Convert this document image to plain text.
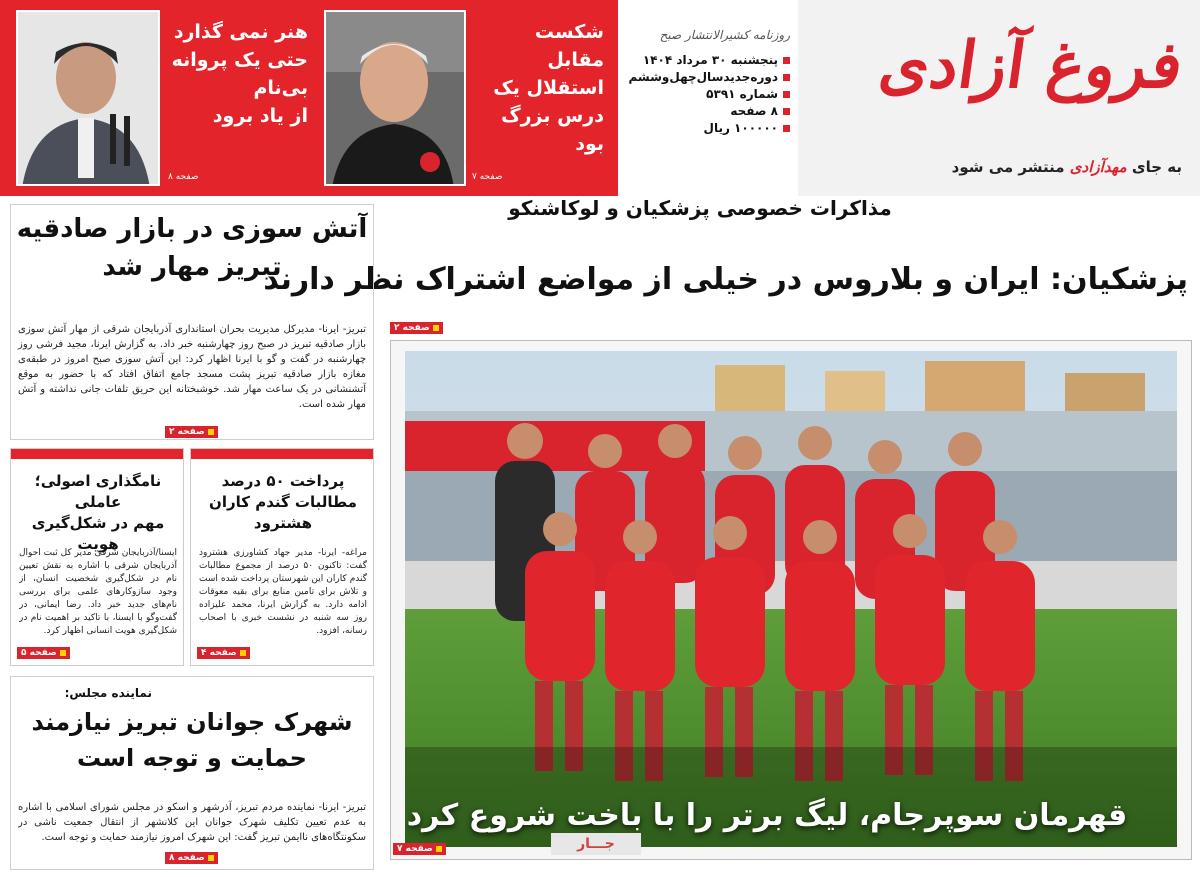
فروغ آزادی
به جای مهدآزادی منتشر می شود
روزنامه کشیرالانتشار صبح
پنجشنبه ۳۰ مرداد ۱۴۰۴
دوره‌جدیدسال‌چهل‌وششم
شماره ۵۳۹۱
۸ صفحه
۱۰۰۰۰۰ ریال
شکست مقابل
استقلال یک
درس بزرگ
بود
صفحه ۷
هنر نمی گذارد
حتی یک پروانه
بی‌نام
از یاد برود
صفحه ۸
مذاکرات خصوصی پزشکیان و لوکاشنکو
پزشکیان: ایران و بلاروس در خیلی از مواضع اشتراک نظر دارند
صفحه ۲
قهرمان سوپرجام، لیگ برتر را با باخت شروع کرد
صفحه ۷	جـــار
آتش سوزی در بازار صادقیه
تبریز مهار شد
تبریز- ایرنا- مدیرکل مدیریت بحران استانداری آذربایجان شرقی از مهار آتش سوزی بازار صادقیه تبریز در صبح روز چهارشنبه خبر داد. به گزارش ایرنا، مجید فرشی روز چهارشنبه در گفت و گو با ایرنا اظهار کرد: این آتش سوزی صبح امروز در طبقه‌ی مغازه بازار صادقیه تبریز پشت مسجد جامع اتفاق افتاد که با حضور به موقع آتشنشانی در یک ساعت مهار شد. خوشبختانه این حریق تلفات جانی نداشته و آتش مهار شده است.
صفحه ۲
پرداخت ۵۰ درصد
مطالبات گندم کاران
هشترود
مراغه- ایرنا- مدیر جهاد کشاورزی هشترود گفت: تاکنون ۵۰ درصد از مجموع مطالبات گندم کاران این شهرستان پرداخت شده است و تلاش برای تامین منابع برای بقیه معوقات ادامه دارد. به گزارش ایرنا، محمد علیزاده روز سه شنبه در نشست خبری با اصحاب رسانه، افزود.
صفحه ۴
نامگذاری اصولی؛ عاملی
مهم در شکل‌گیری
هویت
ایسنا/آذربایجان شرقی مدیر کل ثبت احوال آذربایجان شرقی با اشاره به نقش تعیین نام در شکل‌گیری شخصیت انسان، از وجود سازوکارهای علمی برای بررسی نام‌های جدید خبر داد. رضا ایمانی، در گفت‌وگو با ایسنا، با تاکید بر اهمیت نام در شکل‌گیری هویت انسانی اظهار کرد.
صفحه ۵
نماینده مجلس:
شهرک جوانان تبریز نیازمند
حمایت و توجه است
تبریز- ایرنا- نماینده مردم تبریز، آذرشهر و اسکو در مجلس شورای اسلامی با اشاره به عدم تعیین تکلیف شهرک جوانان این کلانشهر از انتقال جمعیت ناشی در سکونتگاه‌های ناایمن تبریز گفت: این شهرک امروز نیازمند حمایت و توجه است.
صفحه ۸
